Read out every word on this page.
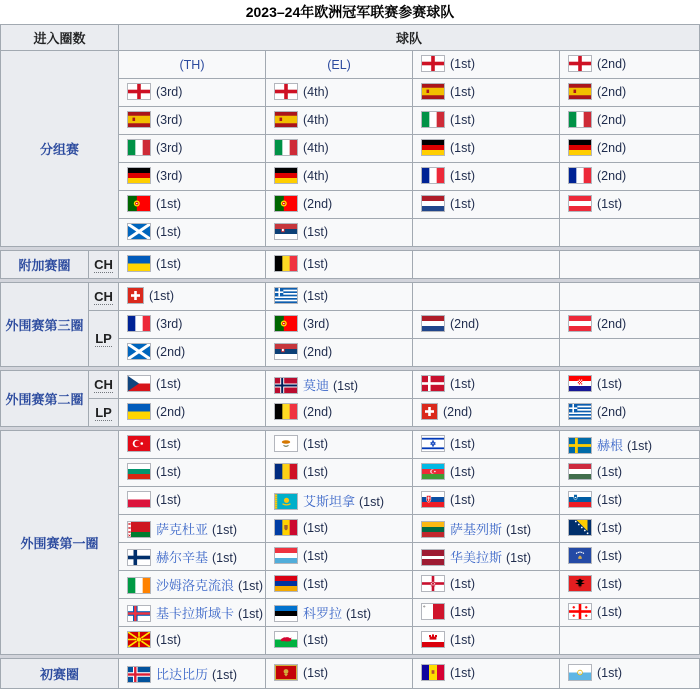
2023–24年欧洲冠军联赛参赛球队
进入圈数	球队			
分组赛	(TH)	(EL)	(1st)	(2nd)

(3rd)	(4th)	(1st)	(2nd)

(3rd)	(4th)	(1st)	(2nd)

(3rd)	(4th)	(1st)	(2nd)

(3rd)	(4th)	(1st)	(2nd)

(1st)	(2nd)	(1st)	(1st)

(1st)	(1st)		
附加赛圈	CH	(1st)	(1st)		
外围赛第三圈	CH	(1st)	(1st)		
	LP	(3rd)	(3rd)	(2nd)	(2nd)

(2nd)	(2nd)		
外围赛第二圈	CH	(1st)	莫迪 (1st)	(1st)	(1st)
	LP	(2nd)	(2nd)	(2nd)	(2nd)
外围赛第一圈	(1st)	(1st)	(1st)	赫根 (1st)

(1st)	(1st)	(1st)	(1st)

(1st)	艾斯坦拿 (1st)	(1st)	(1st)

萨克杜亚 (1st)	(1st)	萨基列斯 (1st)	(1st)

赫尔辛基 (1st)	(1st)	华美拉斯 (1st)	(1st)

沙姆洛克流浪 (1st)	(1st)	(1st)	(1st)

基卡拉斯域卡 (1st)	科罗拉 (1st)	(1st)	(1st)

(1st)	(1st)	(1st)	
初赛圈	比达比历 (1st)	(1st)	(1st)	(1st)
